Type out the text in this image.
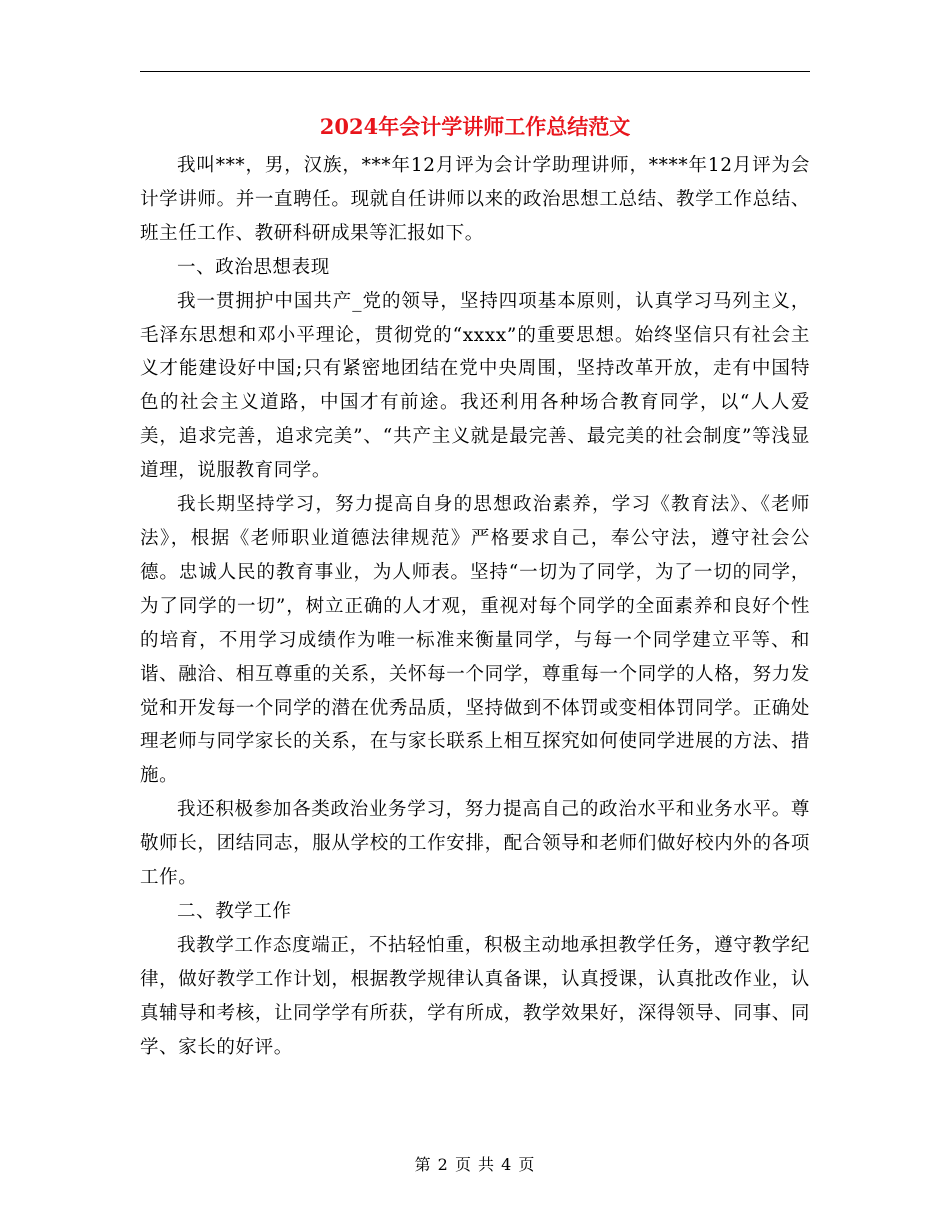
2024年会计学讲师工作总结范文

我叫***，男，汉族，***年12月评为会计学助理讲师，****年12月评为会计学讲师。并一直聘任。现就自任讲师以来的政治思想工总结、教学工作总结、班主任工作、教研科研成果等汇报如下。

一、政治思想表现

我一贯拥护中国共产_党的领导，坚持四项基本原则，认真学习马列主义，毛泽东思想和邓小平理论，贯彻党的“xxxx”的重要思想。始终坚信只有社会主义才能建设好中国;只有紧密地团结在党中央周围，坚持改革开放，走有中国特色的社会主义道路，中国才有前途。我还利用各种场合教育同学，以“人人爱美，追求完善，追求完美”、“共产主义就是最完善、最完美的社会制度”等浅显道理，说服教育同学。

我长期坚持学习，努力提高自身的思想政治素养，学习《教育法》、《老师法》，根据《老师职业道德法律规范》严格要求自己，奉公守法，遵守社会公德。忠诚人民的教育事业，为人师表。坚持“一切为了同学，为了一切的同学，为了同学的一切”，树立正确的人才观，重视对每个同学的全面素养和良好个性的培育，不用学习成绩作为唯一标准来衡量同学，与每一个同学建立平等、和谐、融洽、相互尊重的关系，关怀每一个同学，尊重每一个同学的人格，努力发觉和开发每一个同学的潜在优秀品质，坚持做到不体罚或变相体罚同学。正确处理老师与同学家长的关系，在与家长联系上相互探究如何使同学进展的方法、措施。

我还积极参加各类政治业务学习，努力提高自己的政治水平和业务水平。尊敬师长，团结同志，服从学校的工作安排，配合领导和老师们做好校内外的各项工作。

二、教学工作

我教学工作态度端正，不拈轻怕重，积极主动地承担教学任务，遵守教学纪律，做好教学工作计划，根据教学规律认真备课，认真授课，认真批改作业，认真辅导和考核，让同学学有所获，学有所成，教学效果好，深得领导、同事、同学、家长的好评。

第 2 页 共 4 页
